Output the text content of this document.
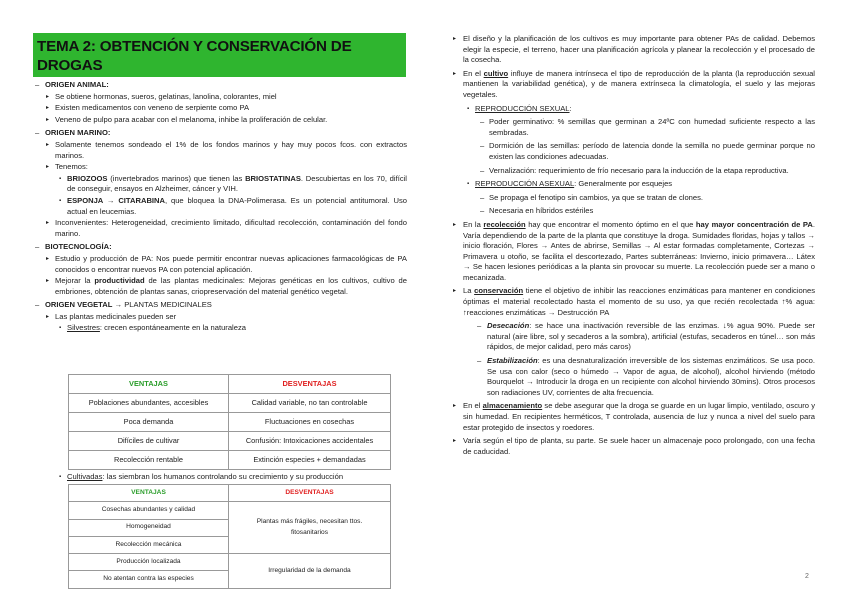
TEMA 2: OBTENCIÓN Y CONSERVACIÓN DE DROGAS
– ORIGEN ANIMAL:
▸ Se obtiene hormonas, sueros, gelatinas, lanolina, colorantes, miel
▸ Existen medicamentos con veneno de serpiente como PA
▸ Veneno de pulpo para acabar con el melanoma, inhibe la proliferación de celular.
– ORIGEN MARINO:
▸ Solamente tenemos sondeado el 1% de los fondos marinos y hay muy pocos fcos. con extractos marinos.
▸ Tenemos:
▪ BRIOZOOS (invertebrados marinos) que tienen las BRIOSTATINAS. Descubiertas en los 70, difícil de conseguir, ensayos en Alzheimer, cáncer y VIH.
▪ ESPONJA → CITARABINA, que bloquea la DNA-Polimerasa. Es un potencial antitumoral. Uso actual en leucemias.
▸ Inconvenientes: Heterogeneidad, crecimiento limitado, dificultad recolección, contaminación del fondo marino.
– BIOTECNOLOGÍA:
▸ Estudio y producción de PA: Nos puede permitir encontrar nuevas aplicaciones farmacológicas de PA conocidos o encontrar nuevos PA con potencial aplicación.
▸ Mejorar la productividad de las plantas medicinales: Mejoras genéticas en los cultivos, cultivo de embriones, obtención de plantas sanas, criopreservación del material genético vegetal.
– ORIGEN VEGETAL → PLANTAS MEDICINALES
▸ Las plantas medicinales pueden ser
▪ Silvestres: crecen espontáneamente en la naturaleza
VENTAJAS	DESVENTAJAS
Poblaciones abundantes, accesibles	Calidad variable, no tan controlable
Poca demanda	Fluctuaciones en cosechas
Difíciles de cultivar	Confusión: Intoxicaciones accidentales
Recolección rentable	Extinción especies + demandadas
▪ Cultivadas: las siembran los humanos controlando su crecimiento y su producción
VENTAJAS	DESVENTAJAS
Cosechas abundantes y calidad	Plantas más frágiles, necesitan ttos. fitosanitarios
Homogeneidad	
Recolección mecánica	
Producción localizada	Irregularidad de la demanda
No atentan contra las especies	
▸ El diseño y la planificación de los cultivos es muy importante para obtener PAs de calidad. Debemos elegir la especie, el terreno, hacer una planificación agrícola y planear la recolección y el procesado de la cosecha.
▸ En el cultivo influye de manera intrínseca el tipo de reproducción de la planta (la reproducción sexual mantienen la variabilidad genética), y de manera extrínseca la climatología, el suelo y las mejoras vegetales.
▪ REPRODUCCIÓN SEXUAL:
– Poder germinativo: % semillas que germinan a 24ºC con humedad suficiente respecto a las sembradas.
– Dormición de las semillas: período de latencia donde la semilla no puede germinar porque no existen las condiciones adecuadas.
– Vernalización: requerimiento de frío necesario para la inducción de la etapa reproductiva.
▪ REPRODUCCIÓN ASEXUAL: Generalmente por esquejes
– Se propaga el fenotipo sin cambios, ya que se tratan de clones.
– Necesaria en híbridos estériles
▸ En la recolección hay que encontrar el momento óptimo en el que hay mayor concentración de PA. Varía dependiendo de la parte de la planta que constituye la droga. Sumidades floridas, hojas y tallos → inicio floración, Flores → Antes de abrirse, Semillas → Al estar formadas completamente, Cortezas → Primavera u otoño, se facilita el descortezado, Partes subterráneas: Invierno, inicio primavera… Látex → Se hacen lesiones periódicas a la planta sin provocar su muerte. La recolección puede ser a mano o mecanizada.
▸ La conservación tiene el objetivo de inhibir las reacciones enzimáticas para mantener en condiciones óptimas el material recolectado hasta el momento de su uso, ya que recién recolectada ↑% agua: ↑reacciones enzimáticas → Destrucción PA
– Desecación: se hace una inactivación reversible de las enzimas. ↓% agua 90%. Puede ser natural (aire libre, sol y secaderos a la sombra), artificial (estufas, secaderos en túnel… son más rápidos, de mejor calidad, pero más caros)
– Estabilización: es una desnaturalización irreversible de los sistemas enzimáticos. Se usa poco. Se usa con calor (seco o húmedo → Vapor de agua, de alcohol), alcohol hirviendo (método Bourquelot → Introducir la droga en un recipiente con alcohol hirviendo 30mins). Otros procesos son radiaciones UV, corrientes de alta frecuencia.
▸ En el almacenamiento se debe asegurar que la droga se guarde en un lugar limpio, ventilado, oscuro y sin humedad. En recipientes herméticos, T controlada, ausencia de luz y nunca a nivel del suelo para estar protegido de insectos y roedores.
▸ Varía según el tipo de planta, su parte. Se suele hacer un almacenaje poco prolongado, con una fecha de caducidad.
2
